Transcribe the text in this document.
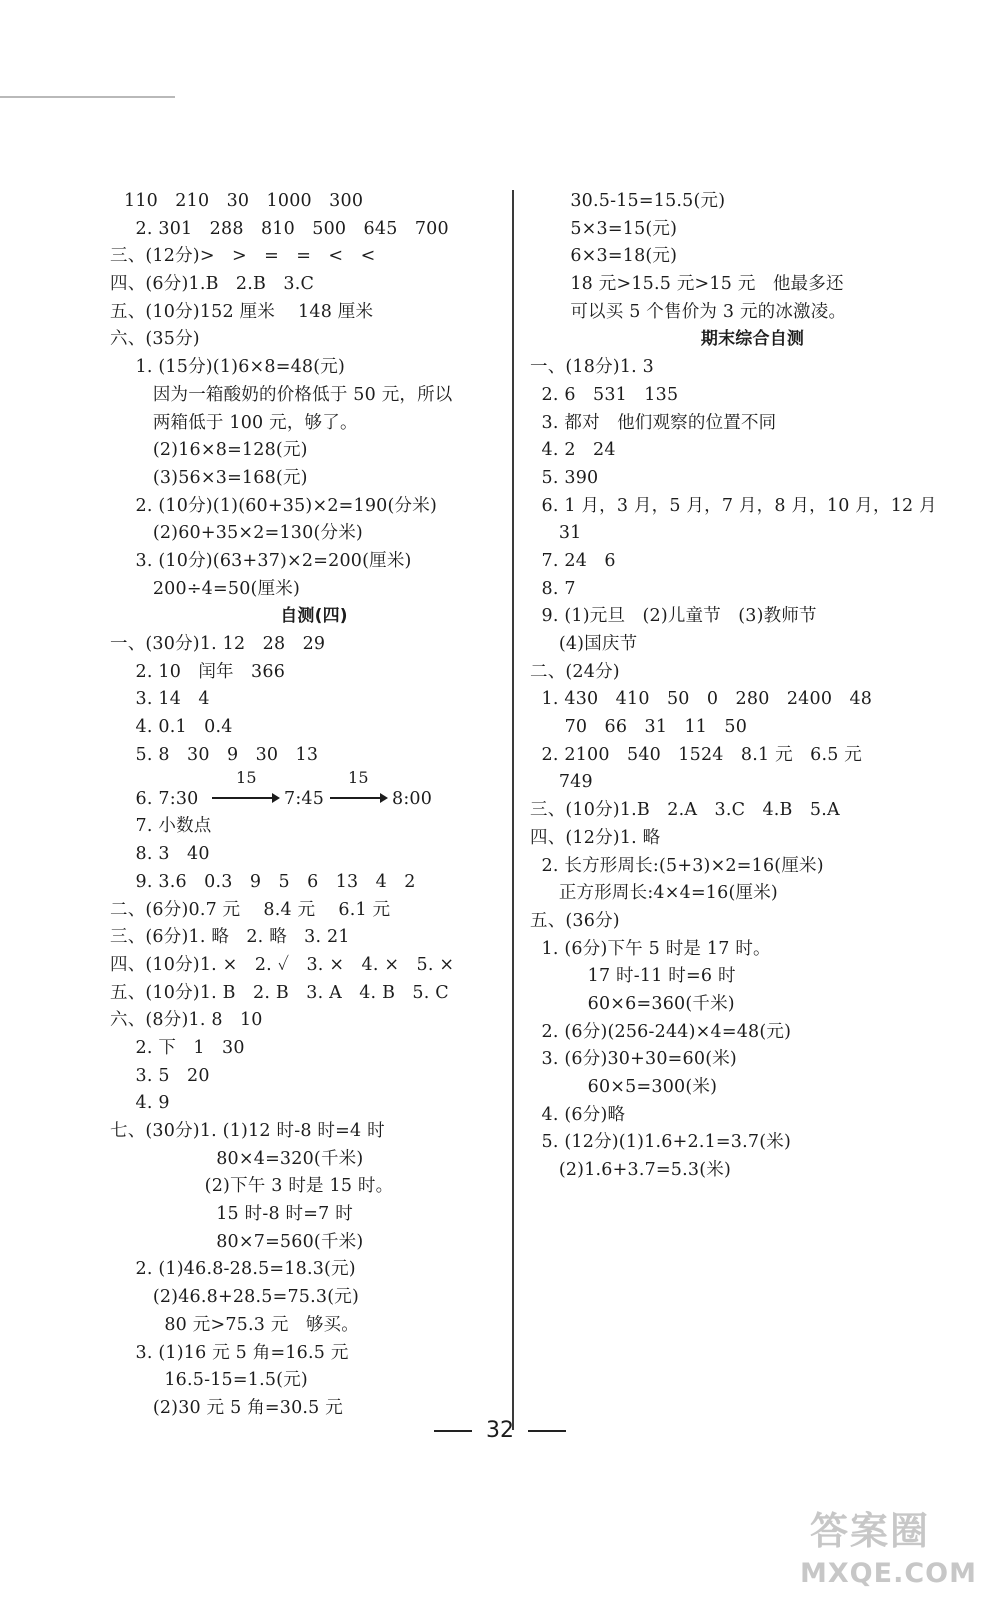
110   210   30   1000   300
2. 301   288   810   500   645   700
三、(12分)>   >   =   =   <   <
四、(6分)1.B   2.B   3.C
五、(10分)152 厘米    148 厘米
六、(35分)
1. (15分)(1)6×8=48(元)
因为一箱酸奶的价格低于 50 元，所以
两箱低于 100 元，够了。
(2)16×8=128(元)
(3)56×3=168(元)
2. (10分)(1)(60+35)×2=190(分米)
(2)60+35×2=130(分米)
3. (10分)(63+37)×2=200(厘米)
200÷4=50(厘米)
自测(四)
一、(30分)1. 12   28   29
2. 10   闰年   366
3. 14   4
4. 0.1   0.4
5. 8   30   9   30   13
6. 7:30
15
7:45
15
8:00
7. 小数点
8. 3   40
9. 3.6   0.3   9   5   6   13   4   2
二、(6分)0.7 元    8.4 元    6.1 元
三、(6分)1. 略   2. 略   3. 21
四、(10分)1. ×   2. ✓   3. ×   4. ×   5. ×
五、(10分)1. B   2. B   3. A   4. B   5. C
六、(8分)1. 8   10
2. 下   1   30
3. 5   20
4. 9
七、(30分)1. (1)12 时-8 时=4 时
80×4=320(千米)
(2)下午 3 时是 15 时。
15 时-8 时=7 时
80×7=560(千米)
2. (1)46.8-28.5=18.3(元)
(2)46.8+28.5=75.3(元)
80 元>75.3 元   够买。
3. (1)16 元 5 角=16.5 元
16.5-15=1.5(元)
(2)30 元 5 角=30.5 元
30.5-15=15.5(元)
5×3=15(元)
6×3=18(元)
18 元>15.5 元>15 元   他最多还
可以买 5 个售价为 3 元的冰激凌。
期末综合自测
一、(18分)1. 3
2. 6   531   135
3. 都对   他们观察的位置不同
4. 2   24
5. 390
6. 1 月，3 月，5 月，7 月，8 月，10 月，12 月
31
7. 24   6
8. 7
9. (1)元旦   (2)儿童节   (3)教师节
(4)国庆节
二、(24分)
1. 430   410   50   0   280   2400   48
70   66   31   11   50
2. 2100   540   1524   8.1 元   6.5 元
749
三、(10分)1.B   2.A   3.C   4.B   5.A
四、(12分)1. 略
2. 长方形周长:(5+3)×2=16(厘米)
正方形周长:4×4=16(厘米)
五、(36分)
1. (6分)下午 5 时是 17 时。
17 时-11 时=6 时
60×6=360(千米)
2. (6分)(256-244)×4=48(元)
3. (6分)30+30=60(米)
60×5=300(米)
4. (6分)略
5. (12分)(1)1.6+2.1=3.7(米)
(2)1.6+3.7=5.3(米)
32
答案圈
MXQE.COM
